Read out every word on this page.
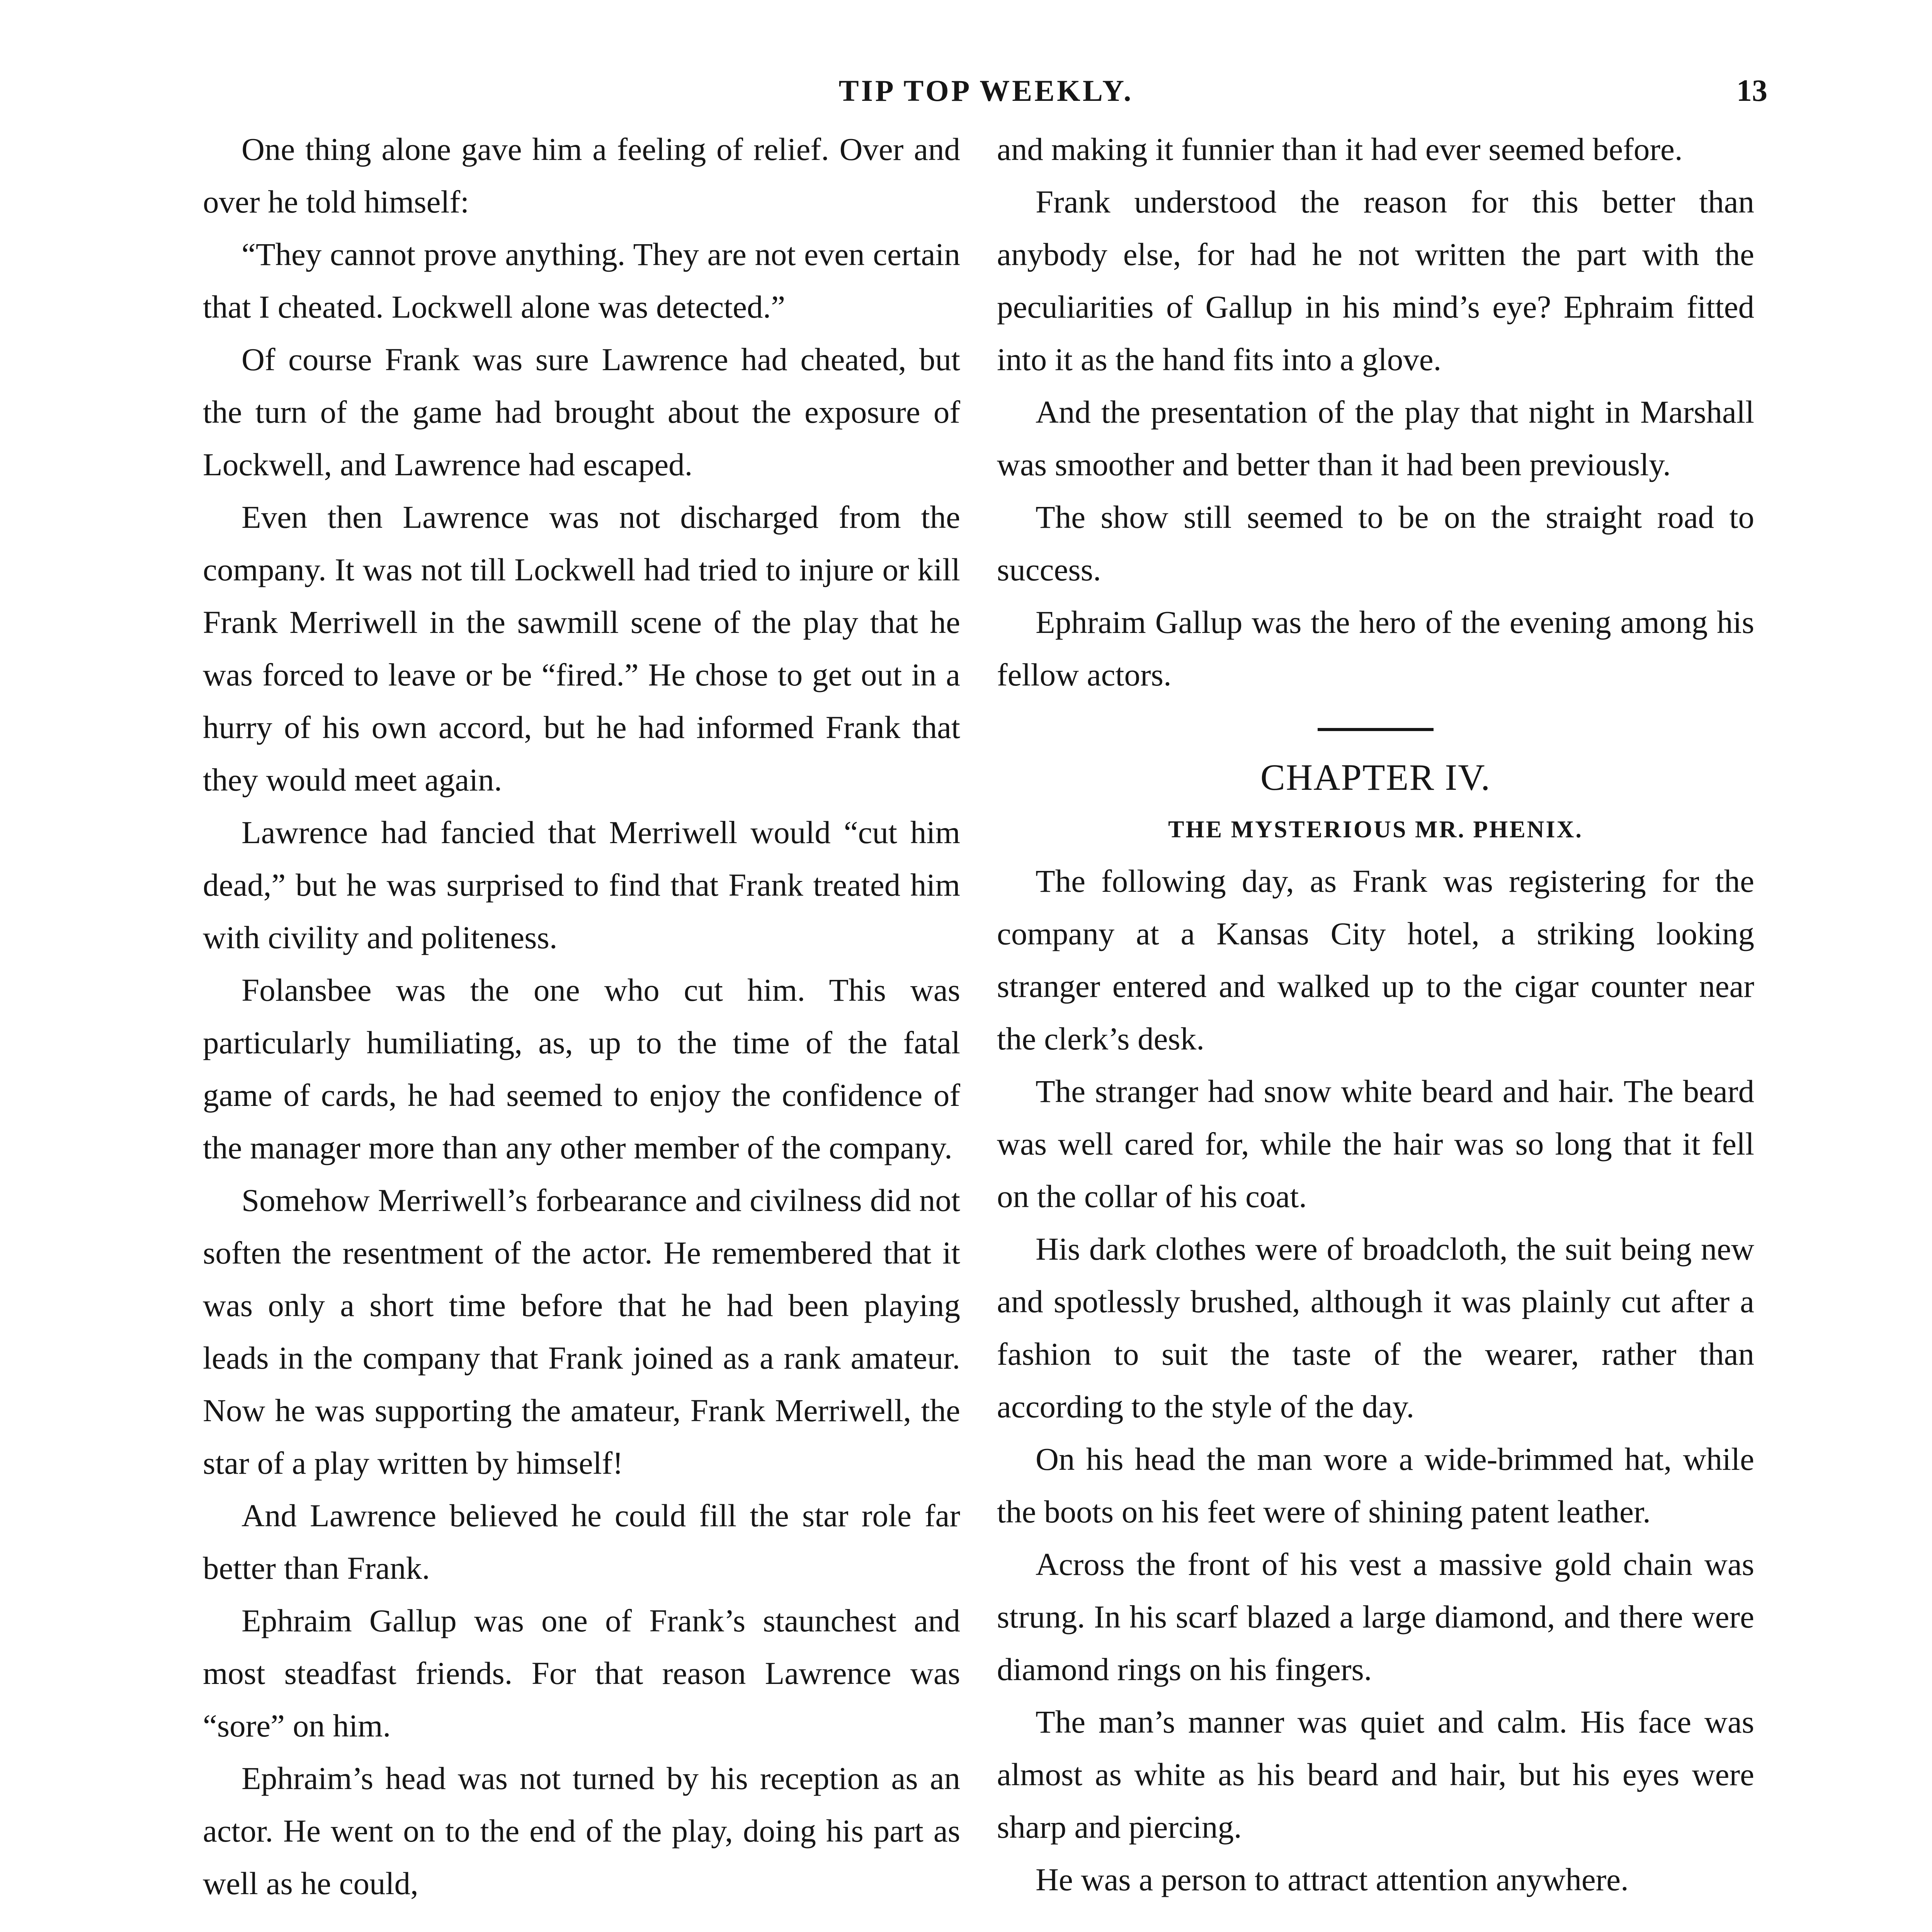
TIP TOP WEEKLY.	13

One thing alone gave him a feeling of relief. Over and over he told himself:

“They cannot prove anything. They are not even certain that I cheated. Lockwell alone was detected.”

Of course Frank was sure Lawrence had cheated, but the turn of the game had brought about the exposure of Lockwell, and Lawrence had escaped.

Even then Lawrence was not discharged from the company. It was not till Lockwell had tried to injure or kill Frank Merriwell in the sawmill scene of the play that he was forced to leave or be “fired.” He chose to get out in a hurry of his own accord, but he had informed Frank that they would meet again.

Lawrence had fancied that Merriwell would “cut him dead,” but he was surprised to find that Frank treated him with civility and politeness.

Folansbee was the one who cut him. This was particularly humiliating, as, up to the time of the fatal game of cards, he had seemed to enjoy the confidence of the manager more than any other member of the company.

Somehow Merriwell’s forbearance and civilness did not soften the resentment of the actor. He remembered that it was only a short time before that he had been playing leads in the company that Frank joined as a rank amateur. Now he was supporting the amateur, Frank Merriwell, the star of a play written by himself!

And Lawrence believed he could fill the star role far better than Frank.

Ephraim Gallup was one of Frank’s staunchest and most steadfast friends. For that reason Lawrence was “sore” on him.

Ephraim’s head was not turned by his reception as an actor. He went on to the end of the play, doing his part as well as he could,

and making it funnier than it had ever seemed before.

Frank understood the reason for this better than anybody else, for had he not written the part with the peculiarities of Gallup in his mind’s eye? Ephraim fitted into it as the hand fits into a glove.

And the presentation of the play that night in Marshall was smoother and better than it had been previously.

The show still seemed to be on the straight road to success.

Ephraim Gallup was the hero of the evening among his fellow actors.

CHAPTER IV.
THE MYSTERIOUS MR. PHENIX.

The following day, as Frank was registering for the company at a Kansas City hotel, a striking looking stranger entered and walked up to the cigar counter near the clerk’s desk.

The stranger had snow white beard and hair. The beard was well cared for, while the hair was so long that it fell on the collar of his coat.

His dark clothes were of broadcloth, the suit being new and spotlessly brushed, although it was plainly cut after a fashion to suit the taste of the wearer, rather than according to the style of the day.

On his head the man wore a wide-brimmed hat, while the boots on his feet were of shining patent leather.

Across the front of his vest a massive gold chain was strung. In his scarf blazed a large diamond, and there were diamond rings on his fingers.

The man’s manner was quiet and calm. His face was almost as white as his beard and hair, but his eyes were sharp and piercing.

He was a person to attract attention anywhere.
